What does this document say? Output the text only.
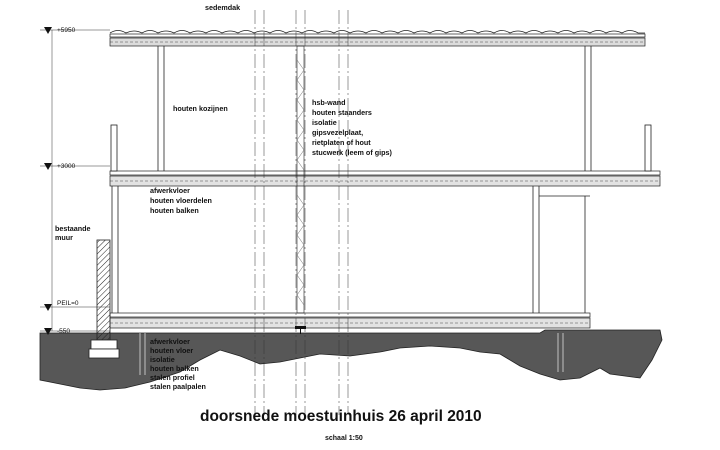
+5950
+3000
PEIL=0
-550
sedemdak
houten kozijnen
bestaande muur
hsb-wand houten staanders isolatie gipsvezelplaat, rietplaten of hout stucwerk (leem of gips)
afwerkvloer houten vloerdelen houten balken
afwerkvloer houten vloer isolatie houten balken stalen profiel stalen paalpalen
doorsnede moestuinhuis 26 april 2010
schaal 1:50
